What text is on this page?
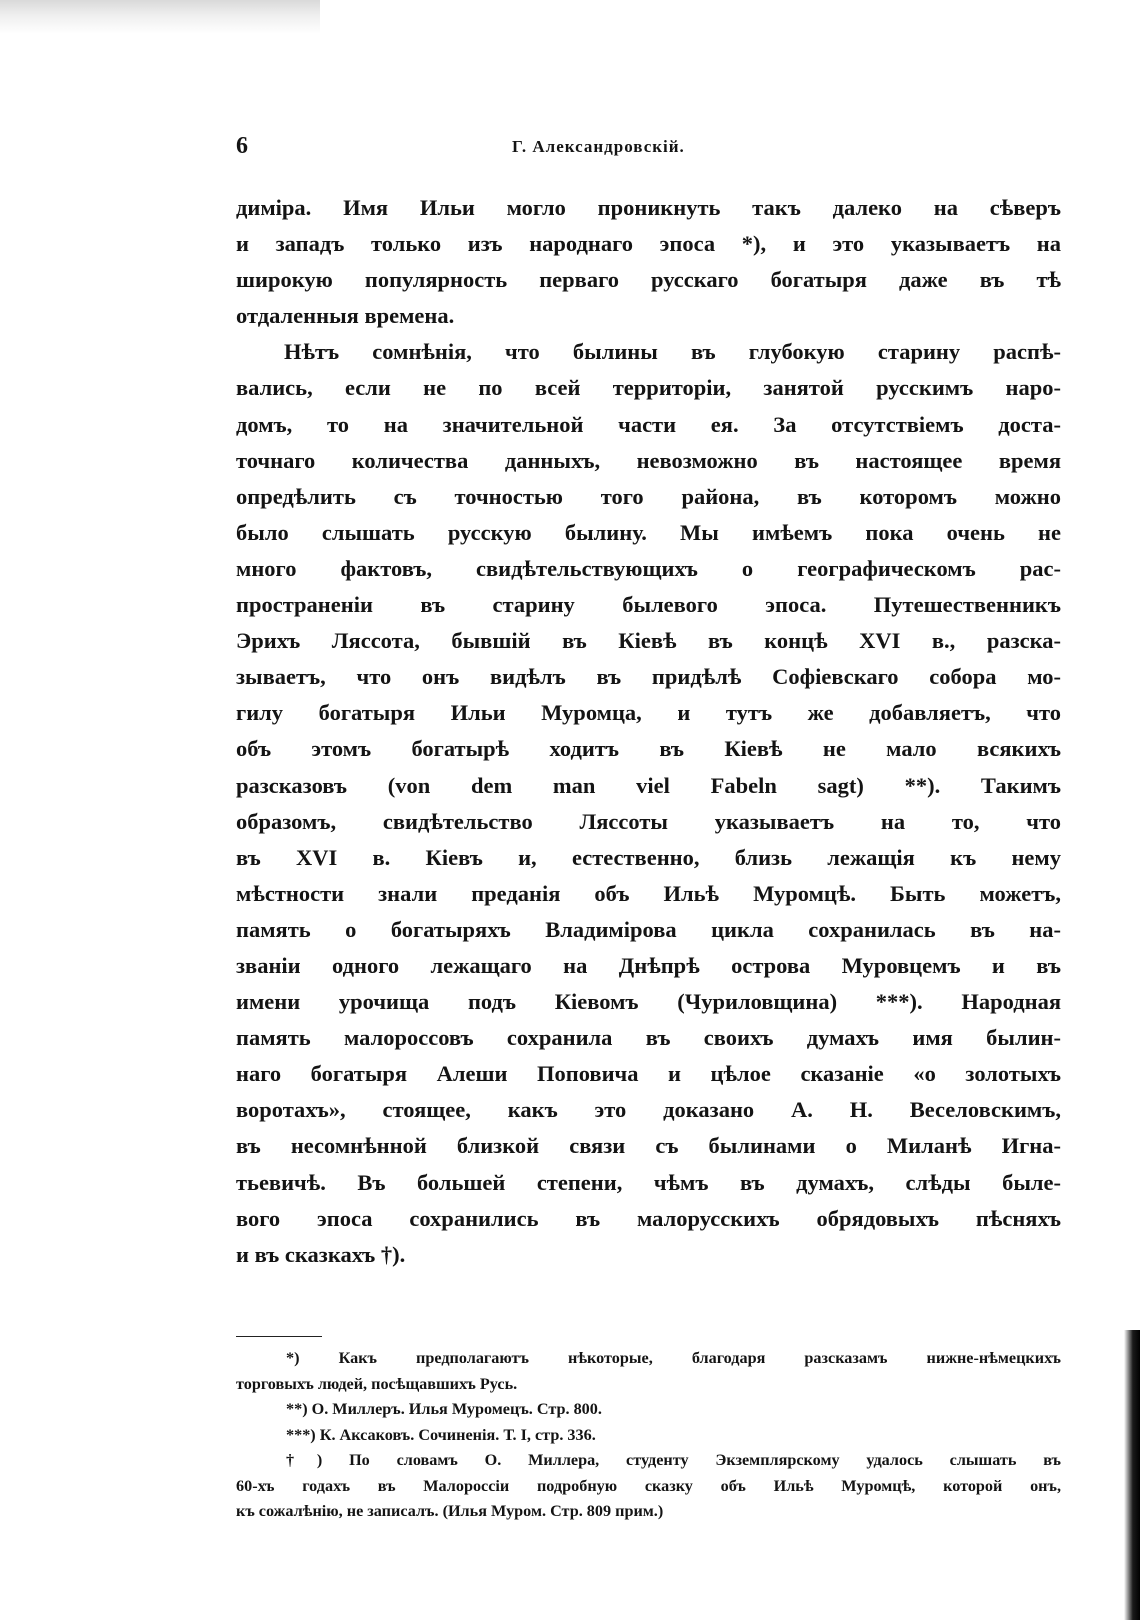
6	Г. Александровскій.
диміра. Имя Ильи могло проникнуть такъ далеко на сѣверъ
и западъ только изъ народнаго эпоса *), и это указываетъ на
широкую популярность перваго русскаго богатыря даже въ тѣ
отдаленныя времена.
Нѣтъ сомнѣнія, что былины въ глубокую старину распѣ-
вались, если не по всей территоріи, занятой русскимъ наро-
домъ, то на значительной части ея. За отсутствіемъ доста-
точнаго количества данныхъ, невозможно въ настоящее время
опредѣлить съ точностью того района, въ которомъ можно
было слышать русскую былину. Мы имѣемъ пока очень не
много фактовъ, свидѣтельствующихъ о географическомъ рас-
пространеніи въ старину былевого эпоса. Путешественникъ
Эрихъ Ляссота, бывшій въ Кіевѣ въ концѣ XVI в., разска-
зываетъ, что онъ видѣлъ въ придѣлѣ Софіевскаго собора мо-
гилу богатыря Ильи Муромца, и тутъ же добавляетъ, что
объ этомъ богатырѣ ходитъ въ Кіевѣ не мало всякихъ
разсказовъ (von dem man viel Fabeln sagt) **). Такимъ
образомъ, свидѣтельство Ляссоты указываетъ на то, что
въ XVI в. Кіевъ и, естественно, близь лежащія къ нему
мѣстности знали преданія объ Ильѣ Муромцѣ. Быть можетъ,
память о богатыряхъ Владимірова цикла сохранилась въ на-
званіи одного лежащаго на Днѣпрѣ острова Муровцемъ и въ
имени урочища подъ Кіевомъ (Чуриловщина) ***). Народная
память малороссовъ сохранила въ своихъ думахъ имя былин-
наго богатыря Алеши Поповича и цѣлое сказаніе «о золотыхъ
воротахъ», стоящее, какъ это доказано А. Н. Веселовскимъ,
въ несомнѣнной близкой связи съ былинами о Миланѣ Игна-
тьевичѣ. Въ большей степени, чѣмъ въ думахъ, слѣды быле-
вого эпоса сохранились въ малорусскихъ обрядовыхъ пѣсняхъ
и въ сказкахъ †).
*) Какъ предполагаютъ нѣкоторые, благодаря разсказамъ нижне-нѣмецкихъ
торговыхъ людей, посѣщавшихъ Русь.
**) О. Миллеръ. Илья Муромецъ. Стр. 800.
***) К. Аксаковъ. Сочиненія. Т. I, стр. 336.
†) По словамъ О. Миллера, студенту Экземплярскому удалось слышать въ
60-хъ годахъ въ Малороссіи подробную сказку объ Ильѣ Муромцѣ, которой онъ,
къ сожалѣнію, не записалъ. (Илья Муром. Стр. 809 прим.)
